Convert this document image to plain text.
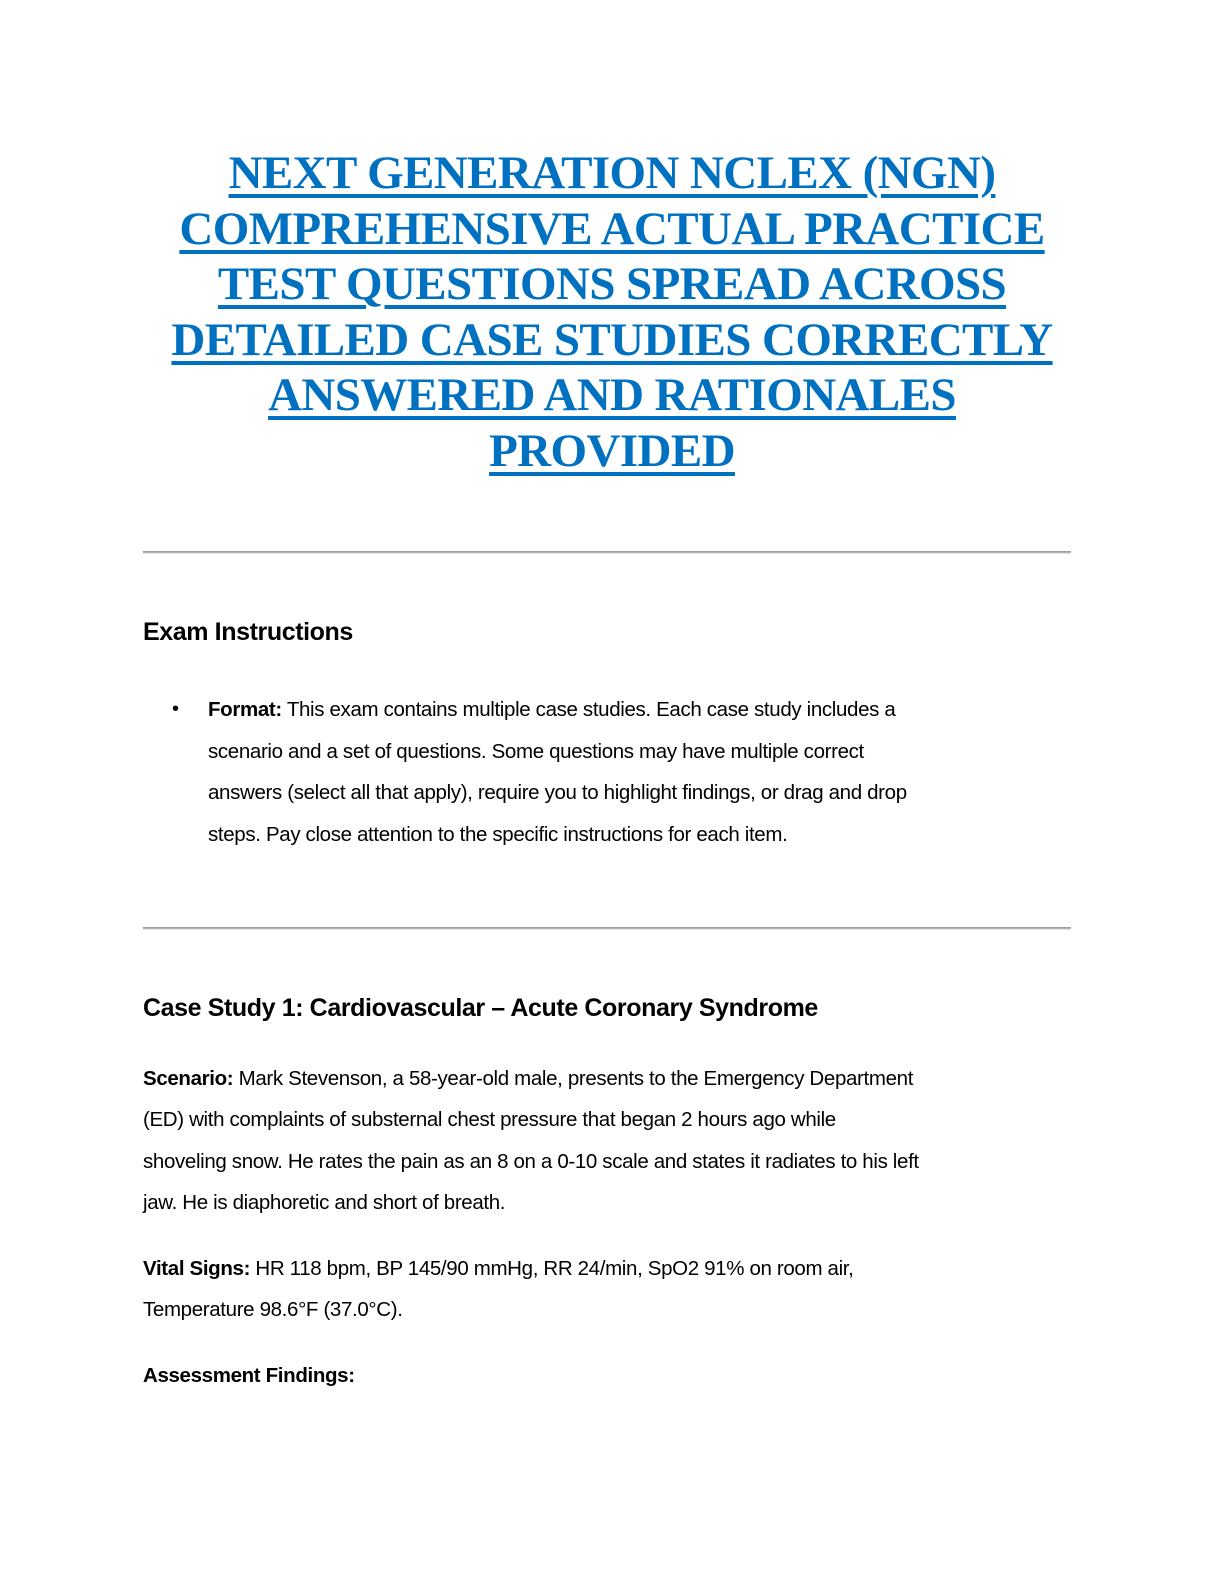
NEXT GENERATION NCLEX (NGN)
COMPREHENSIVE ACTUAL PRACTICE
TEST QUESTIONS SPREAD ACROSS
DETAILED CASE STUDIES CORRECTLY
ANSWERED AND RATIONALES
PROVIDED
Exam Instructions
• Format: This exam contains multiple case studies. Each case study includes a
scenario and a set of questions. Some questions may have multiple correct
answers (select all that apply), require you to highlight findings, or drag and drop
steps. Pay close attention to the specific instructions for each item.
Case Study 1: Cardiovascular – Acute Coronary Syndrome

Scenario: Mark Stevenson, a 58-year-old male, presents to the Emergency Department
(ED) with complaints of substernal chest pressure that began 2 hours ago while
shoveling snow. He rates the pain as an 8 on a 0-10 scale and states it radiates to his left
jaw. He is diaphoretic and short of breath.

Vital Signs: HR 118 bpm, BP 145/90 mmHg, RR 24/min, SpO2 91% on room air,
Temperature 98.6°F (37.0°C).

Assessment Findings:
